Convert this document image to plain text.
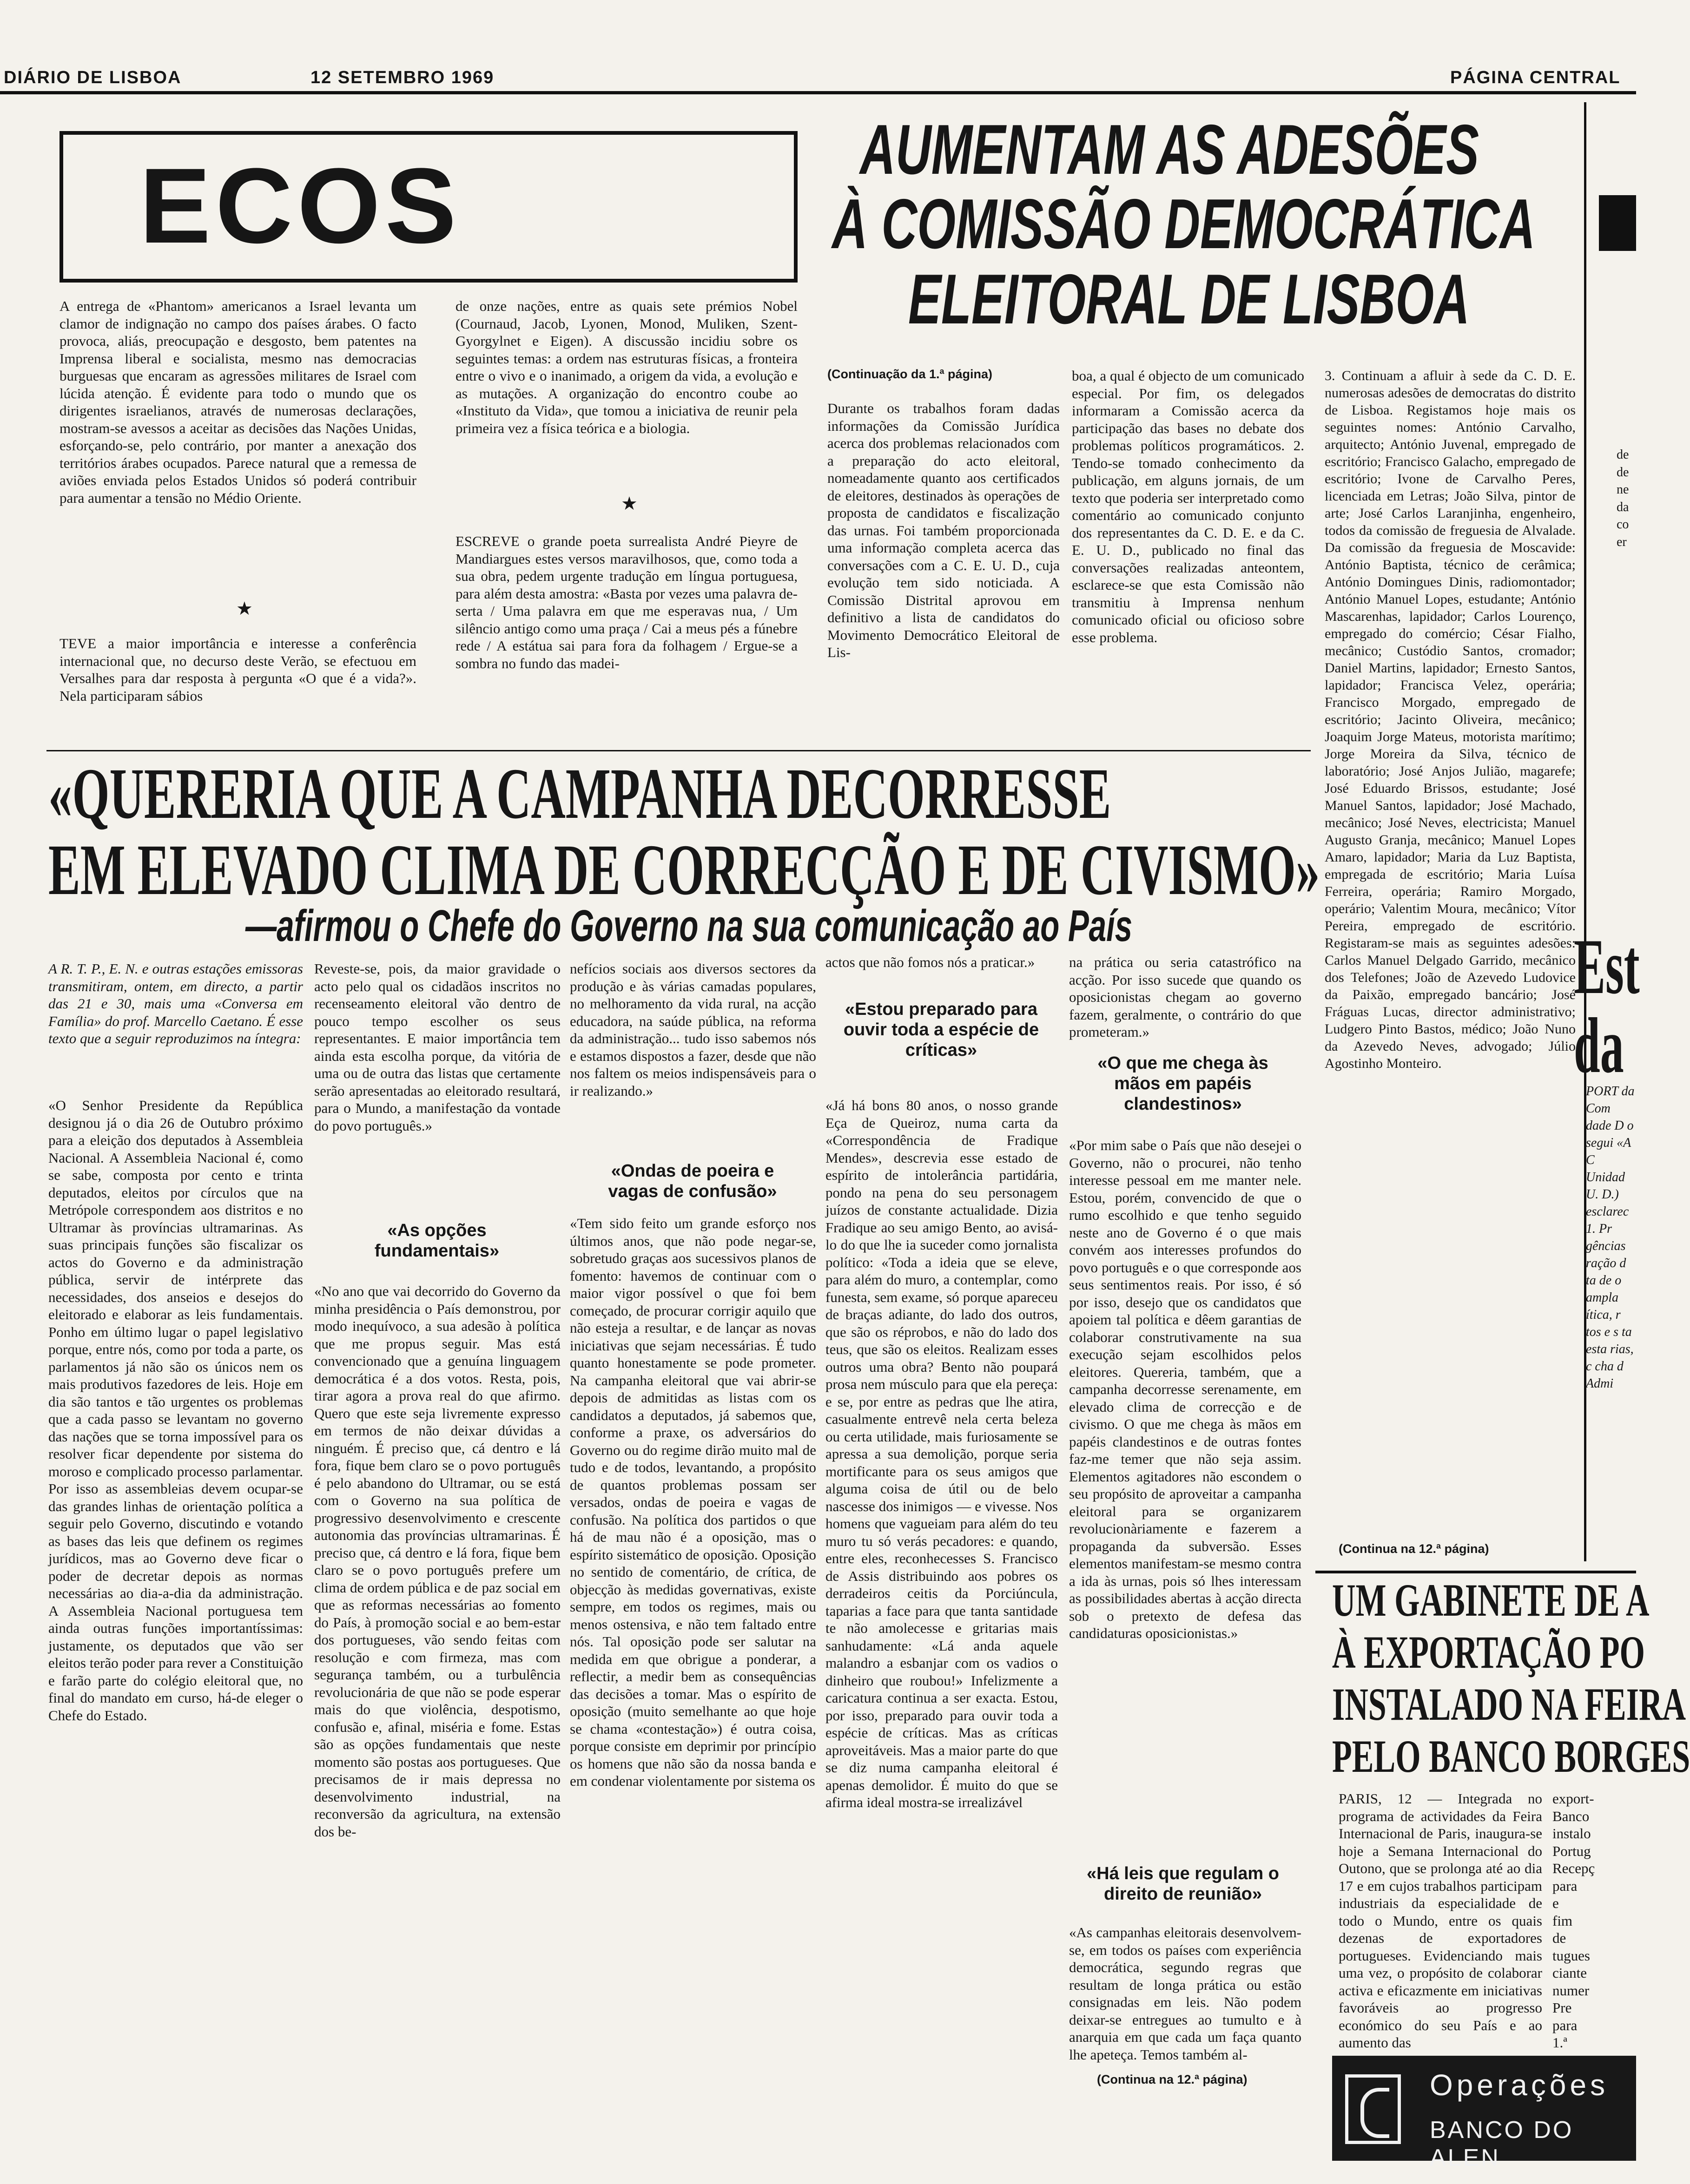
DIÁRIO DE LISBOA	12 SETEMBRO 1969	PÁGINA CENTRAL
ECOS

A entrega de «Phantom» americanos a Israel levanta um clamor de indignação no campo dos países árabes. O facto provoca, aliás, preocupação e desgosto, bem patentes na Imprensa liberal e socialista, mesmo nas democracias burguesas que encaram as agressões militares de Israel com lúcida atenção. É evidente para todo o mundo que os dirigentes israelianos, através de numerosas declarações, mostram-se avessos a aceitar as decisões das Nações Unidas, esforçando-se, pelo contrário, por manter a anexação dos territórios árabes ocupados. Parece natural que a remessa de aviões enviada pelos Estados Unidos só poderá contribuir para aumentar a tensão no Médio Oriente.

★

TEVE a maior importância e interesse a conferência internacional que, no decurso deste Verão, se efectuou em Versalhes para dar resposta à pergunta «O que é a vida?». Nela participaram sábios

de onze nações, entre as quais sete prémios Nobel (Cournaud, Jacob, Lyonen, Monod, Muliken, Szent-Gyorgylnet e Eigen). A discussão incidiu sobre os seguintes temas: a ordem nas estruturas físicas, a fronteira entre o vivo e o inanimado, a origem da vida, a evolução e as mutações. A organização do encontro coube ao «Instituto da Vida», que tomou a iniciativa de reunir pela primeira vez a física teórica e a biologia.

★

ESCREVE o grande poeta surrealista André Pieyre de Mandiargues estes versos maravilhosos, que, como toda a sua obra, pedem urgente tradução em língua portuguesa, para além desta amostra: «Basta por vezes uma palavra de-serta / Uma palavra em que me esperavas nua, / Um silêncio antigo como uma praça / Cai a meus pés a fúnebre rede / A estátua sai para fora da folhagem / Ergue-se a sombra no fundo das madei-

AUMENTAM AS ADESÕES
À COMISSÃO DEMOCRÁTICA
ELEITORAL DE LISBOA
(Continuação da 1.ª página)

Durante os trabalhos foram dadas informações da Comissão Jurídica acerca dos problemas relacionados com a preparação do acto eleitoral, nomeadamente quanto aos certificados de eleitores, destinados às operações de proposta de candidatos e fiscalização das urnas. Foi também proporcionada uma informação completa acerca das conversações com a C. E. U. D., cuja evolução tem sido noticiada. A Comissão Distrital aprovou em definitivo a lista de candidatos do Movimento Democrático Eleitoral de Lis-

boa, a qual é objecto de um comunicado especial. Por fim, os delegados informaram a Comissão acerca da participação das bases no debate dos problemas políticos programáticos. 2. Tendo-se tomado conhecimento da publicação, em alguns jornais, de um texto que poderia ser interpretado como comentário ao comunicado conjunto dos representantes da C. D. E. e da C. E. U. D., publicado no final das conversações realizadas anteontem, esclarece-se que esta Comissão não transmitiu à Imprensa nenhum comunicado oficial ou oficioso sobre esse problema.

3. Continuam a afluir à sede da C. D. E. numerosas adesões de democratas do distrito de Lisboa. Registamos hoje mais os seguintes nomes: António Carvalho, arquitecto; António Juvenal, empregado de escritório; Francisco Galacho, empregado de escritório; Ivone de Carvalho Peres, licenciada em Letras; João Silva, pintor de arte; José Carlos Laranjinha, engenheiro, todos da comissão de freguesia de Alvalade. Da comissão da freguesia de Moscavide: António Baptista, técnico de cerâmica; António Domingues Dinis, radiomontador; António Manuel Lopes, estudante; António Mascarenhas, lapidador; Carlos Lourenço, empregado do comércio; César Fialho, mecânico; Custódio Santos, cromador; Daniel Martins, lapidador; Ernesto Santos, lapidador; Francisca Velez, operária; Francisco Morgado, empregado de escritório; Jacinto Oliveira, mecânico; Joaquim Jorge Mateus, motorista marítimo; Jorge Moreira da Silva, técnico de laboratório; José Anjos Julião, magarefe; José Eduardo Brissos, estudante; José Manuel Santos, lapidador; José Machado, mecânico; José Neves, electricista; Manuel Augusto Granja, mecânico; Manuel Lopes Amaro, lapidador; Maria da Luz Baptista, empregada de escritório; Maria Luísa Ferreira, operária; Ramiro Morgado, operário; Valentim Moura, mecânico; Vítor Pereira, empregado de escritório. Registaram-se mais as seguintes adesões: Carlos Manuel Delgado Garrido, mecânico dos Telefones; João de Azevedo Ludovice da Paixão, empregado bancário; José Fráguas Lucas, director administrativo; Ludgero Pinto Bastos, médico; João Nuno da Azevedo Neves, advogado; Júlio Agostinho Monteiro.

(Continua na 12.ª página)
«QUERERIA QUE A CAMPANHA DECORRESSE
EM ELEVADO CLIMA DE CORRECÇÃO E DE CIVISMO»
—afirmou o Chefe do Governo na sua comunicação ao País

A R. T. P., E. N. e outras estações emissoras transmitiram, ontem, em directo, a partir das 21 e 30, mais uma «Conversa em Família» do prof. Marcello Caetano. É esse texto que a seguir reproduzimos na íntegra:

«O Senhor Presidente da República designou já o dia 26 de Outubro próximo para a eleição dos deputados à Assembleia Nacional. A Assembleia Nacional é, como se sabe, composta por cento e trinta deputados, eleitos por círculos que na Metrópole correspondem aos distritos e no Ultramar às províncias ultramarinas. As suas principais funções são fiscalizar os actos do Governo e da administração pública, servir de intérprete das necessidades, dos anseios e desejos do eleitorado e elaborar as leis fundamentais. Ponho em último lugar o papel legislativo porque, entre nós, como por toda a parte, os parlamentos já não são os únicos nem os mais produtivos fazedores de leis. Hoje em dia são tantos e tão urgentes os problemas que a cada passo se levantam no governo das nações que se torna impossível para os resolver ficar dependente por sistema do moroso e complicado processo parlamentar. Por isso as assembleias devem ocupar-se das grandes linhas de orientação política a seguir pelo Governo, discutindo e votando as bases das leis que definem os regimes jurídicos, mas ao Governo deve ficar o poder de decretar depois as normas necessárias ao dia-a-dia da administração. A Assembleia Nacional portuguesa tem ainda outras funções importantíssimas: justamente, os deputados que vão ser eleitos terão poder para rever a Constituição e farão parte do colégio eleitoral que, no final do mandato em curso, há-de eleger o Chefe do Estado.

Reveste-se, pois, da maior gravidade o acto pelo qual os cidadãos inscritos no recenseamento eleitoral vão dentro de pouco tempo escolher os seus representantes. E maior importância tem ainda esta escolha porque, da vitória de uma ou de outra das listas que certamente serão apresentadas ao eleitorado resultará, para o Mundo, a manifestação da vontade do povo português.»

«As opções fundamentais»

«No ano que vai decorrido do Governo da minha presidência o País demonstrou, por modo inequívoco, a sua adesão à política que me propus seguir. Mas está convencionado que a genuína linguagem democrática é a dos votos. Resta, pois, tirar agora a prova real do que afirmo. Quero que este seja livremente expresso em termos de não deixar dúvidas a ninguém. É preciso que, cá dentro e lá fora, fique bem claro se o povo português é pelo abandono do Ultramar, ou se está com o Governo na sua política de progressivo desenvolvimento e crescente autonomia das províncias ultramarinas. É preciso que, cá dentro e lá fora, fique bem claro se o povo português prefere um clima de ordem pública e de paz social em que as reformas necessárias ao fomento do País, à promoção social e ao bem-estar dos portugueses, vão sendo feitas com resolução e com firmeza, mas com segurança também, ou a turbulência revolucionária de que não se pode esperar mais do que violência, despotismo, confusão e, afinal, miséria e fome. Estas são as opções fundamentais que neste momento são postas aos portugueses. Que precisamos de ir mais depressa no desenvolvimento industrial, na reconversão da agricultura, na extensão dos be-

nefícios sociais aos diversos sectores da produção e às várias camadas populares, no melhoramento da vida rural, na acção educadora, na saúde pública, na reforma da administração... tudo isso sabemos nós e estamos dispostos a fazer, desde que não nos faltem os meios indispensáveis para o ir realizando.»

«Ondas de poeira e vagas de confusão»

«Tem sido feito um grande esforço nos últimos anos, que não pode negar-se, sobretudo graças aos sucessivos planos de fomento: havemos de continuar com o maior vigor possível o que foi bem começado, de procurar corrigir aquilo que não esteja a resultar, e de lançar as novas iniciativas que sejam necessárias. É tudo quanto honestamente se pode prometer. Na campanha eleitoral que vai abrir-se depois de admitidas as listas com os candidatos a deputados, já sabemos que, conforme a praxe, os adversários do Governo ou do regime dirão muito mal de tudo e de todos, levantando, a propósito de quantos problemas possam ser versados, ondas de poeira e vagas de confusão. Na política dos partidos o que há de mau não é a oposição, mas o espírito sistemático de oposição. Oposição no sentido de comentário, de crítica, de objecção às medidas governativas, existe sempre, em todos os regimes, mais ou menos ostensiva, e não tem faltado entre nós. Tal oposição pode ser salutar na medida em que obrigue a ponderar, a reflectir, a medir bem as consequências das decisões a tomar. Mas o espírito de oposição (muito semelhante ao que hoje se chama «contestação») é outra coisa, porque consiste em deprimir por princípio os homens que não são da nossa banda e em condenar violentamente por sistema os

actos que não fomos nós a praticar.»

«Estou preparado para ouvir toda a espécie de críticas»

«Já há bons 80 anos, o nosso grande Eça de Queiroz, numa carta da «Correspondência de Fradique Mendes», descrevia esse estado de espírito de intolerância partidária, pondo na pena do seu personagem juízos de constante actualidade. Dizia Fradique ao seu amigo Bento, ao avisá-lo do que lhe ia suceder como jornalista político: «Toda a ideia que se eleve, para além do muro, a contemplar, como funesta, sem exame, só porque apareceu de braças adiante, do lado dos outros, que são os réprobos, e não do lado dos teus, que são os eleitos. Realizam esses outros uma obra? Bento não poupará prosa nem músculo para que ela pereça: e se, por entre as pedras que lhe atira, casualmente entrevê nela certa beleza ou certa utilidade, mais furiosamente se apressa a sua demolição, porque seria mortificante para os seus amigos que alguma coisa de útil ou de belo nascesse dos inimigos — e vivesse. Nos homens que vagueiam para além do teu muro tu só verás pecadores: e quando, entre eles, reconhecesses S. Francisco de Assis distribuindo aos pobres os derradeiros ceitis da Porciúncula, taparias a face para que tanta santidade te não amolecesse e gritarias mais sanhudamente: «Lá anda aquele malandro a esbanjar com os vadios o dinheiro que roubou!» Infelizmente a caricatura continua a ser exacta. Estou, por isso, preparado para ouvir toda a espécie de críticas. Mas as críticas aproveitáveis. Mas a maior parte do que se diz numa campanha eleitoral é apenas demolidor. É muito do que se afirma ideal mostra-se irrealizável

na prática ou seria catastrófico na acção. Por isso sucede que quando os oposicionistas chegam ao governo fazem, geralmente, o contrário do que prometeram.»

«O que me chega às mãos em papéis clandestinos»

«Por mim sabe o País que não desejei o Governo, não o procurei, não tenho interesse pessoal em me manter nele. Estou, porém, convencido de que o rumo escolhido e que tenho seguido neste ano de Governo é o que mais convém aos interesses profundos do povo português e o que corresponde aos seus sentimentos reais. Por isso, é só por isso, desejo que os candidatos que apoiem tal política e dêem garantias de colaborar construtivamente na sua execução sejam escolhidos pelos eleitores. Quereria, também, que a campanha decorresse serenamente, em elevado clima de correcção e de civismo. O que me chega às mãos em papéis clandestinos e de outras fontes faz-me temer que não seja assim. Elementos agitadores não escondem o seu propósito de aproveitar a campanha eleitoral para se organizarem revolucionàriamente e fazerem a propaganda da subversão. Esses elementos manifestam-se mesmo contra a ida às urnas, pois só lhes interessam as possibilidades abertas à acção directa sob o pretexto de defesa das candidaturas oposicionistas.»

«Há leis que regulam o direito de reunião»

«As campanhas eleitorais desenvolvem-se, em todos os países com experiência democrática, segundo regras que resultam de longa prática ou estão consignadas em leis. Não podem deixar-se entregues ao tumulto e à anarquia em que cada um faça quanto lhe apeteça. Temos também al-

(Continua na 12.ª página)
UM GABINETE DE A
À EXPORTAÇÃO PO
INSTALADO NA FEIRA
PELO BANCO BORGES

PARIS, 12 — Integrada no programa de actividades da Feira Internacional de Paris, inaugura-se hoje a Semana Internacional do Outono, que se prolonga até ao dia 17 e em cujos trabalhos participam industriais da especialidade de todo o Mundo, entre os quais dezenas de exportadores portugueses. Evidenciando mais uma vez, o propósito de colaborar activa e eficazmente em iniciativas favoráveis ao progresso económico do seu País e ao aumento das

export- Banco instalo Portug Recepç para e fim de tugues ciante numer Pre para 1.ª

Operações
BANCO DO ALEN

de de ne da co er

Est
da

PORT da Com dade D o segui «A C Unidad U. D.) esclarec 1. Pr gências ração d ta de o ampla ítica, r tos e s ta esta rias, c cha d Admi
